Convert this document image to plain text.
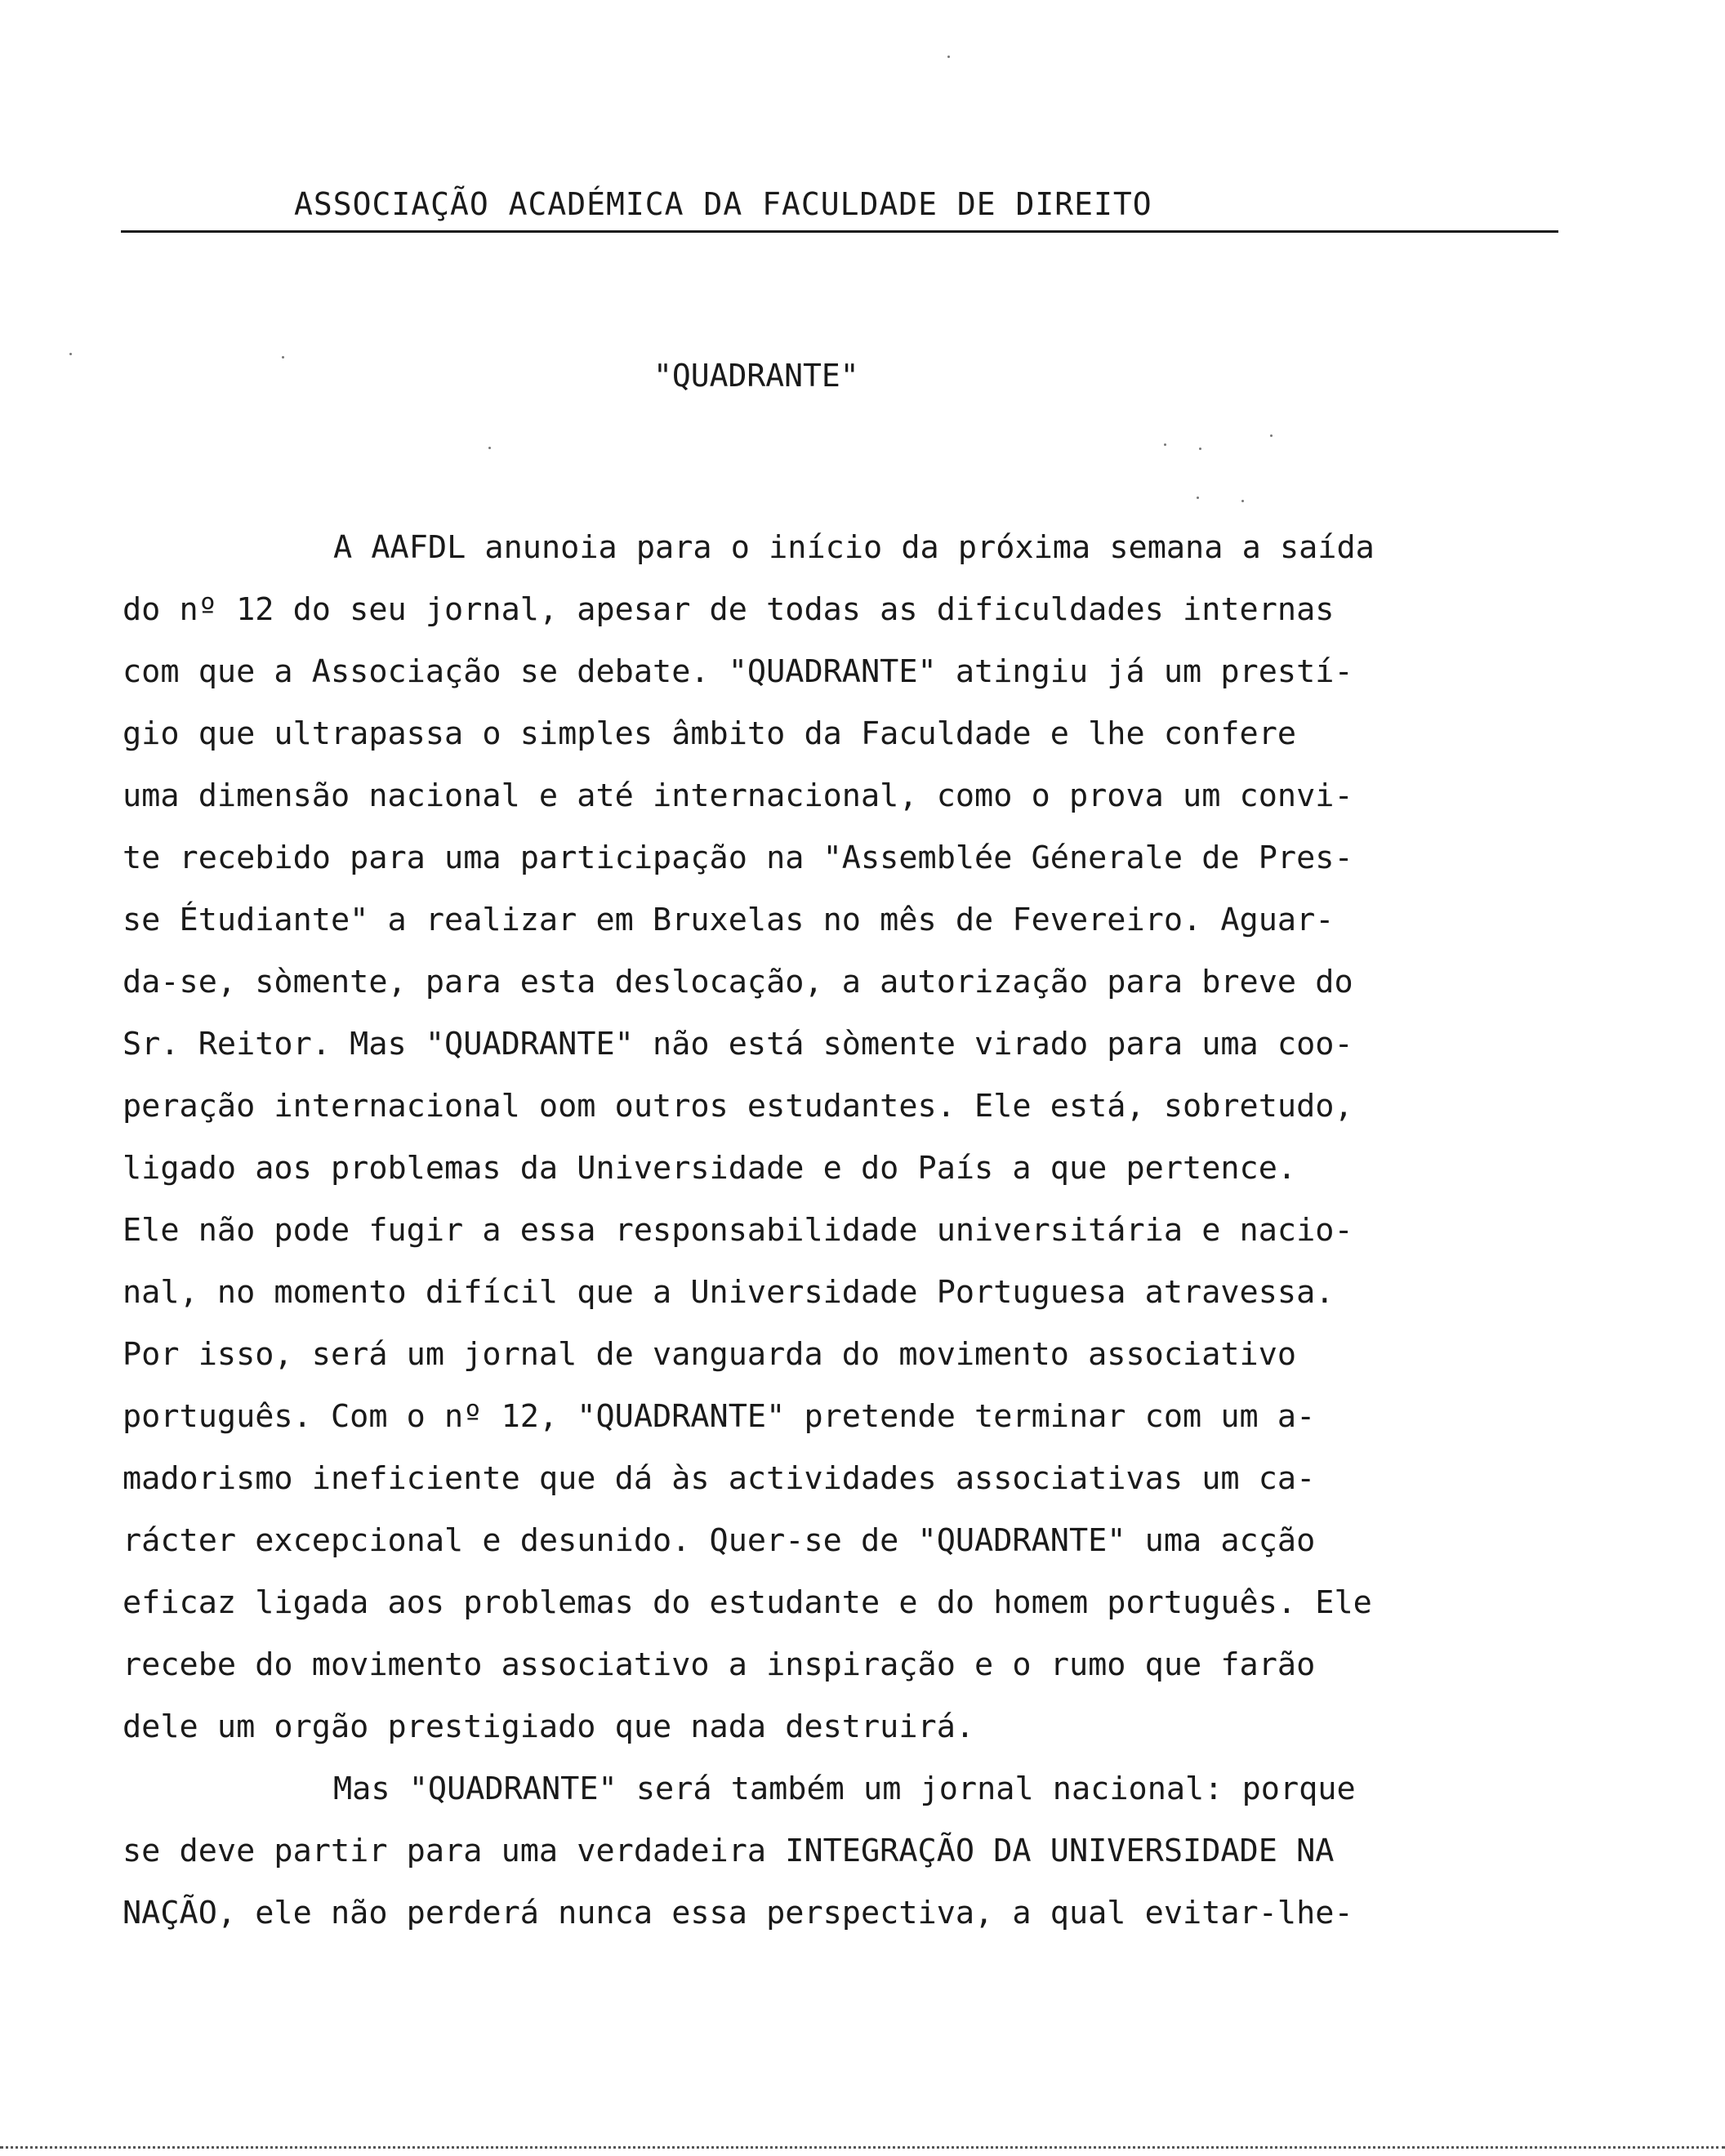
ASSOCIAÇÃO ACADÉMICA DA FACULDADE DE DIREITO
"QUADRANTE"
A AAFDL anunoia para o início da próxima semana a saída
do nº 12 do seu jornal, apesar de todas as dificuldades internas
com que a Associação se debate. "QUADRANTE" atingiu já um prestí-
gio que ultrapassa o simples âmbito da Faculdade e lhe confere
uma dimensão nacional e até internacional, como o prova um convi-
te recebido para uma participação na "Assemblée Génerale de Pres-
se Étudiante" a realizar em Bruxelas no mês de Fevereiro. Aguar-
da-se, sòmente, para esta deslocação, a autorização para breve do
Sr. Reitor. Mas "QUADRANTE" não está sòmente virado para uma coo-
peração internacional oom outros estudantes. Ele está, sobretudo,
ligado aos problemas da Universidade e do País a que pertence.
Ele não pode fugir a essa responsabilidade universitária e nacio-
nal, no momento difícil que a Universidade Portuguesa atravessa.
Por isso, será um jornal de vanguarda do movimento associativo
português. Com o nº 12, "QUADRANTE" pretende terminar com um a-
madorismo ineficiente que dá às actividades associativas um ca-
rácter excepcional e desunido. Quer-se de "QUADRANTE" uma acção
eficaz ligada aos problemas do estudante e do homem português. Ele
recebe do movimento associativo a inspiração e o rumo que farão
dele um orgão prestigiado que nada destruirá.
Mas "QUADRANTE" será também um jornal nacional: porque
se deve partir para uma verdadeira INTEGRAÇÃO DA UNIVERSIDADE NA
NAÇÃO, ele não perderá nunca essa perspectiva, a qual evitar-lhe-
